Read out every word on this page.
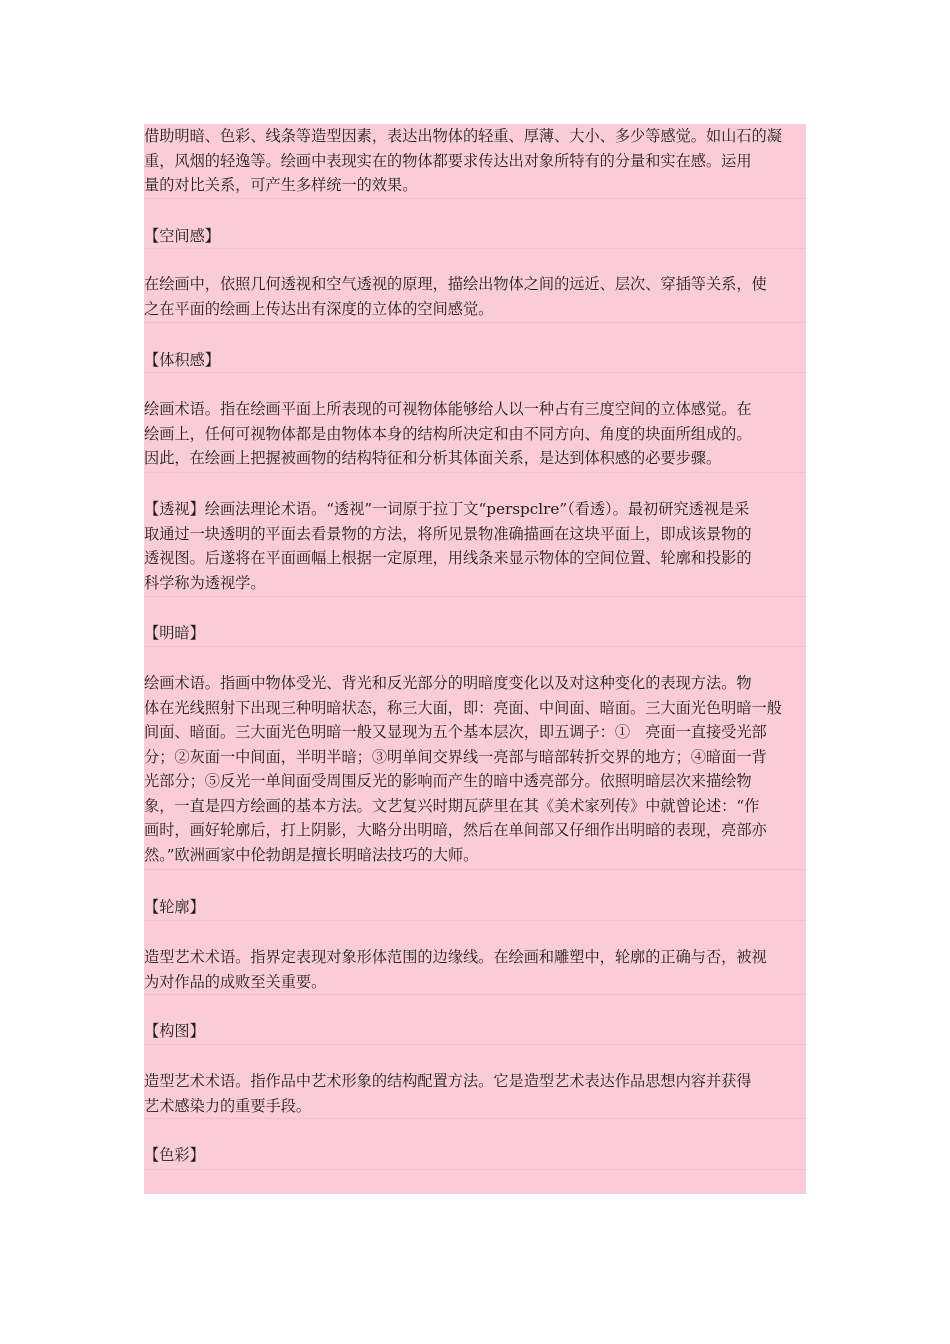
借助明暗、色彩、线条等造型因素，表达出物体的轻重、厚薄、大小、多少等感觉。如山石的凝
重，风烟的轻逸等。绘画中表现实在的物体都要求传达出对象所特有的分量和实在感。运用
量的对比关系，可产生多样统一的效果。
【空间感】
在绘画中，依照几何透视和空气透视的原理，描绘出物体之间的远近、层次、穿插等关系，使
之在平面的绘画上传达出有深度的立体的空间感觉。
【体积感】
绘画术语。指在绘画平面上所表现的可视物体能够给人以一种占有三度空间的立体感觉。在
绘画上，任何可视物体都是由物体本身的结构所决定和由不同方向、角度的块面所组成的。
因此，在绘画上把握被画物的结构特征和分析其体面关系，是达到体积感的必要步骤。
【透视】绘画法理论术语。“透视”一词原于拉丁文“perspclre”（看透）。最初研究透视是采
取通过一块透明的平面去看景物的方法，将所见景物准确描画在这块平面上，即成该景物的
透视图。后遂将在平面画幅上根据一定原理，用线条来显示物体的空间位置、轮廓和投影的
科学称为透视学。
【明暗】
绘画术语。指画中物体受光、背光和反光部分的明暗度变化以及对这种变化的表现方法。物
体在光线照射下出现三种明暗状态，称三大面，即：亮面、中间面、暗面。三大面光色明暗一般
间面、暗面。三大面光色明暗一般又显现为五个基本层次，即五调子：①　亮面一直接受光部
分；②灰面一中间面，半明半暗；③明单间交界线一亮部与暗部转折交界的地方；④暗面一背
光部分；⑤反光一单间面受周围反光的影响而产生的暗中透亮部分。依照明暗层次来描绘物
象，一直是四方绘画的基本方法。文艺复兴时期瓦萨里在其《美术家列传》中就曾论述：“作
画时，画好轮廓后，打上阴影，大略分出明暗，然后在单间部又仔细作出明暗的表现，亮部亦
然。”欧洲画家中伦勃朗是擅长明暗法技巧的大师。
【轮廓】
造型艺术术语。指界定表现对象形体范围的边缘线。在绘画和雕塑中，轮廓的正确与否，被视
为对作品的成败至关重要。
【构图】
造型艺术术语。指作品中艺术形象的结构配置方法。它是造型艺术表达作品思想内容并获得
艺术感染力的重要手段。
【色彩】
